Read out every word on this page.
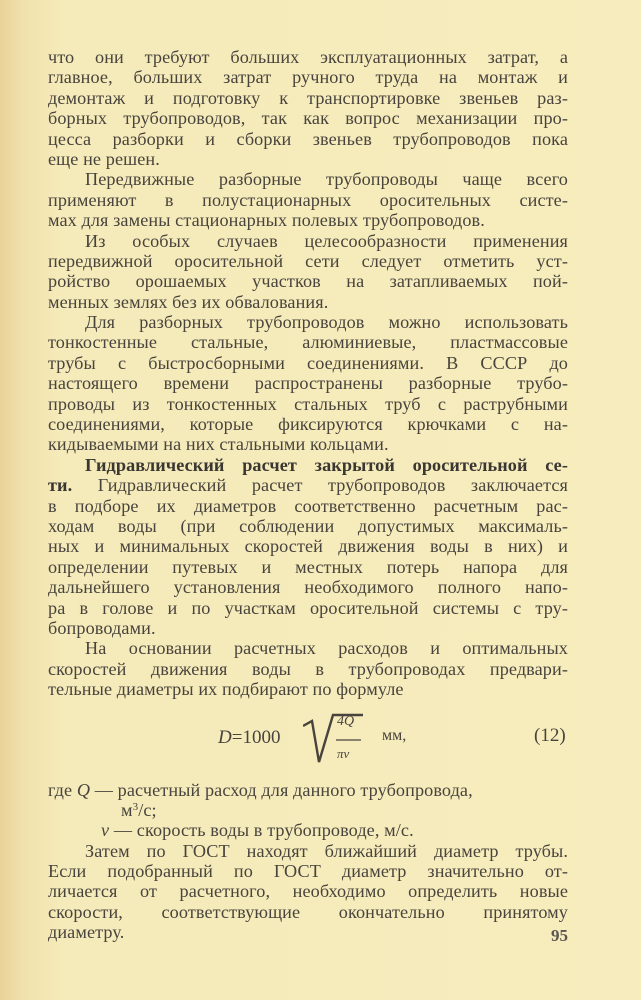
что они требуют больших эксплуатационных затрат, а
главное, больших затрат ручного труда на монтаж и
демонтаж и подготовку к транспортировке звеньев раз-
борных трубопроводов, так как вопрос механизации про-
цесса разборки и сборки звеньев трубопроводов пока
еще не решен.
Передвижные разборные трубопроводы чаще всего
применяют в полустационарных оросительных систе-
мах для замены стационарных полевых трубопроводов.
Из особых случаев целесообразности применения
передвижной оросительной сети следует отметить уст-
ройство орошаемых участков на затапливаемых пой-
менных землях без их обвалования.
Для разборных трубопроводов можно использовать
тонкостенные стальные, алюминиевые, пластмассовые
трубы с быстросборными соединениями. В СССР до
настоящего времени распространены разборные трубо-
проводы из тонкостенных стальных труб с раструбными
соединениями, которые фиксируются крючками с на-
кидываемыми на них стальными кольцами.
Гидравлический расчет закрытой оросительной се-
ти. Гидравлический расчет трубопроводов заключается
в подборе их диаметров соответственно расчетным рас-
ходам воды (при соблюдении допустимых максималь-
ных и минимальных скоростей движения воды в них) и
определении путевых и местных потерь напора для
дальнейшего установления необходимого полного напо-
ра в голове и по участкам оросительной системы с тру-
бопроводами.
На основании расчетных расходов и оптимальных
скоростей движения воды в трубопроводах предвари-
тельные диаметры их подбирают по формуле
D=1000
4Q
πv
мм,	(12)
где Q — расчетный расход для данного трубопровода,
$м^3/с$;
v — скорость воды в трубопроводе, м/с.
Затем по ГОСТ находят ближайший диаметр трубы.
Если подобранный по ГОСТ диаметр значительно от-
личается от расчетного, необходимо определить новые
скорости, соответствующие окончательно принятому
диаметру.	95
